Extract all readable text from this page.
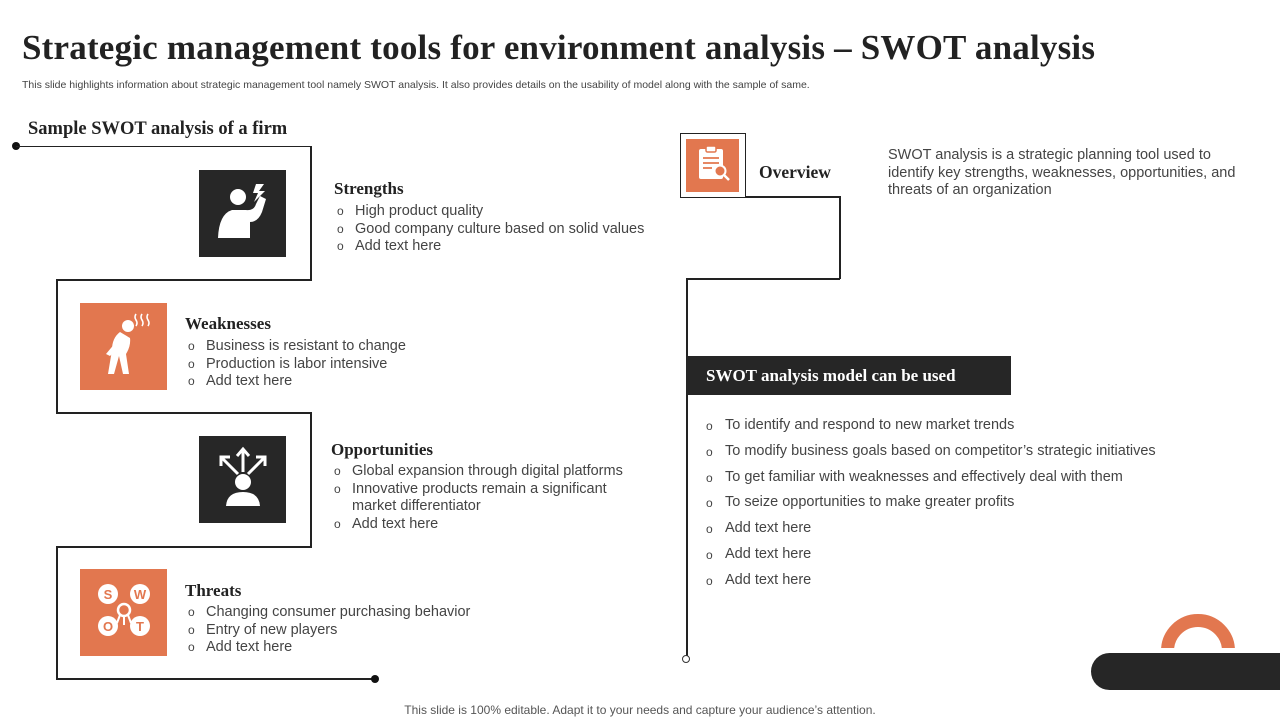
Strategic management tools for environment analysis – SWOT analysis
This slide highlights information about strategic management tool namely SWOT analysis. It also provides details on the usability of model along with the sample of same.
Sample SWOT analysis of a firm
Strengths
o High product quality
o Good company culture based on solid values
o Add text here
Weaknesses
o Business is resistant to change
o Production is labor intensive
o Add text here
Opportunities
o Global expansion through digital platforms
o Innovative products remain a significant market differentiator
o Add text here
S W
O T
Threats
o Changing consumer purchasing behavior
o Entry of new players
o Add text here
Overview
SWOT analysis is a strategic planning tool used to identify key strengths, weaknesses, opportunities, and threats of an organization
SWOT analysis model can be used
o To identify and respond to new market trends
o To modify business goals based on competitor’s strategic initiatives
o To get familiar with weaknesses and effectively deal with them
o To seize opportunities to make greater profits
o Add text here
o Add text here
o Add text here
This slide is 100% editable. Adapt it to your needs and capture your audience’s attention.
